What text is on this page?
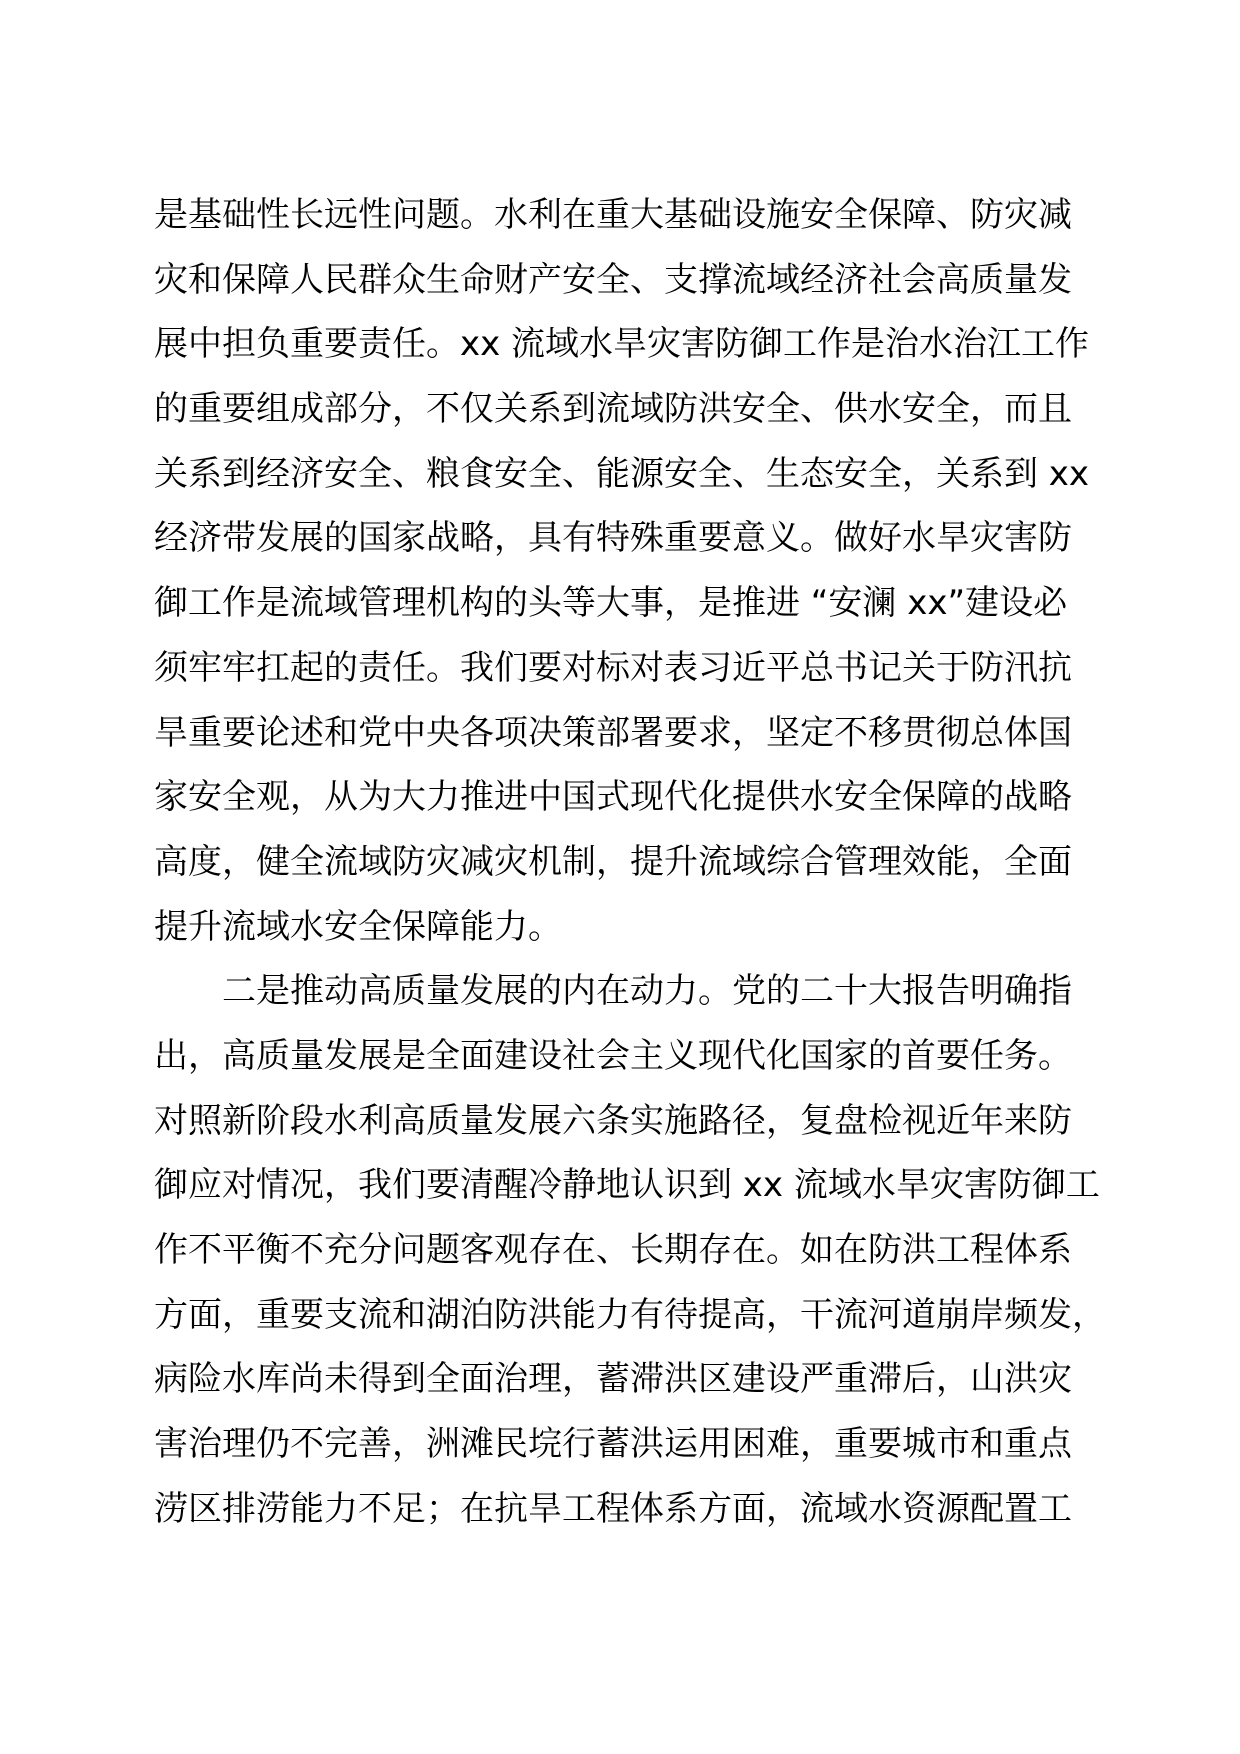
是基础性长远性问题。水利在重大基础设施安全保障、防灾减
灾和保障人民群众生命财产安全、支撑流域经济社会高质量发
展中担负重要责任。xx 流域水旱灾害防御工作是治水治江工作
的重要组成部分，不仅关系到流域防洪安全、供水安全，而且
关系到经济安全、粮食安全、能源安全、生态安全，关系到 xx
经济带发展的国家战略，具有特殊重要意义。做好水旱灾害防
御工作是流域管理机构的头等大事，是推进 “安澜 xx”建设必
须牢牢扛起的责任。我们要对标对表习近平总书记关于防汛抗
旱重要论述和党中央各项决策部署要求，坚定不移贯彻总体国
家安全观，从为大力推进中国式现代化提供水安全保障的战略
高度，健全流域防灾减灾机制，提升流域综合管理效能，全面
提升流域水安全保障能力。
　　二是推动高质量发展的内在动力。党的二十大报告明确指
出，高质量发展是全面建设社会主义现代化国家的首要任务。
对照新阶段水利高质量发展六条实施路径，复盘检视近年来防
御应对情况，我们要清醒冷静地认识到 xx 流域水旱灾害防御工
作不平衡不充分问题客观存在、长期存在。如在防洪工程体系
方面，重要支流和湖泊防洪能力有待提高，干流河道崩岸频发，
病险水库尚未得到全面治理，蓄滞洪区建设严重滞后，山洪灾
害治理仍不完善，洲滩民垸行蓄洪运用困难，重要城市和重点
涝区排涝能力不足；在抗旱工程体系方面，流域水资源配置工
